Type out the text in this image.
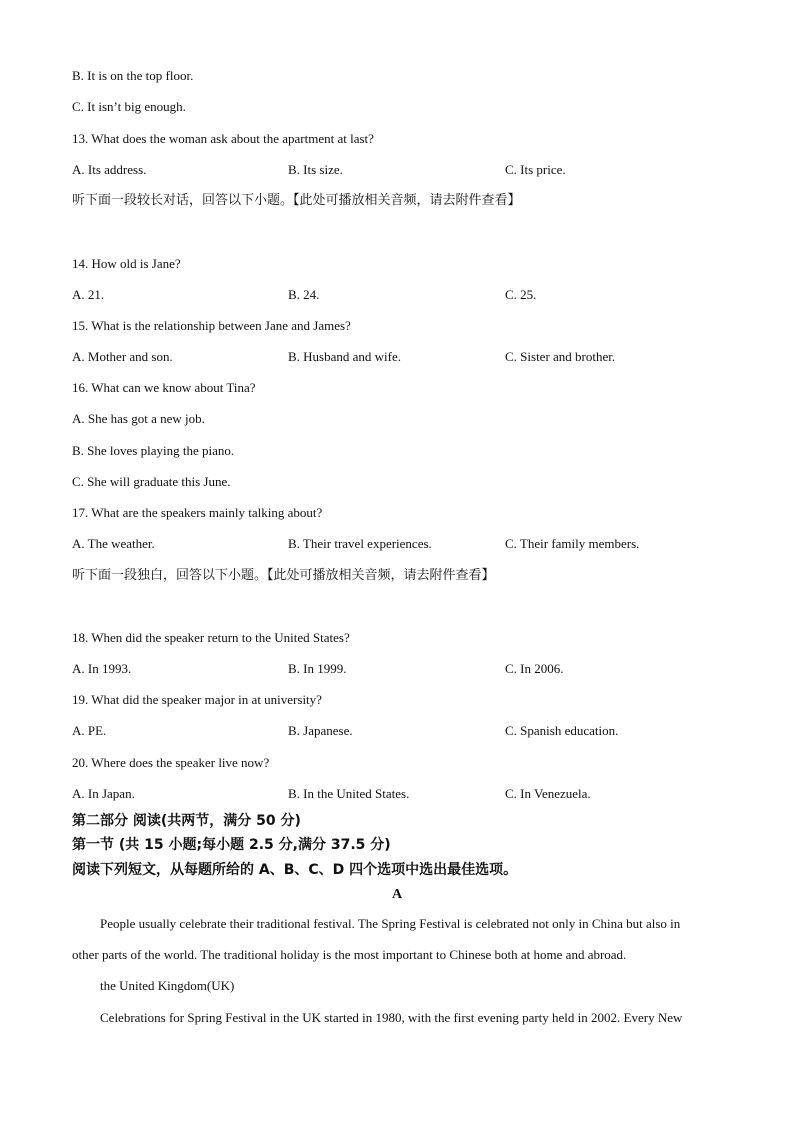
B. It is on the top floor.
C. It isn’t big enough.
13. What does the woman ask about the apartment at last?
A. Its address.	B. Its size.	C. Its price.
听下面一段较长对话，回答以下小题。【此处可播放相关音频，请去附件查看】
14. How old is Jane?
A. 21.	B. 24.	C. 25.
15. What is the relationship between Jane and James?
A. Mother and son.	B. Husband and wife.	C. Sister and brother.
16. What can we know about Tina?
A. She has got a new job.
B. She loves playing the piano.
C. She will graduate this June.
17. What are the speakers mainly talking about?
A. The weather.	B. Their travel experiences.	C. Their family members.
听下面一段独白，回答以下小题。【此处可播放相关音频，请去附件查看】
18. When did the speaker return to the United States?
A. In 1993.	B. In 1999.	C. In 2006.
19. What did the speaker major in at university?
A. PE.	B. Japanese.	C. Spanish education.
20. Where does the speaker live now?
A. In Japan.	B. In the United States.	C. In Venezuela.
第二部分 阅读(共两节，满分 50 分)
第一节 (共 15 小题;每小题 2.5 分,满分 37.5 分)
阅读下列短文，从每题所给的 A、B、C、D 四个选项中选出最佳选项。
A
People usually celebrate their traditional festival. The Spring Festival is celebrated not only in China but also in
other parts of the world. The traditional holiday is the most important to Chinese both at home and abroad.
the United Kingdom(UK)
Celebrations for Spring Festival in the UK started in 1980, with the first evening party held in 2002. Every New
